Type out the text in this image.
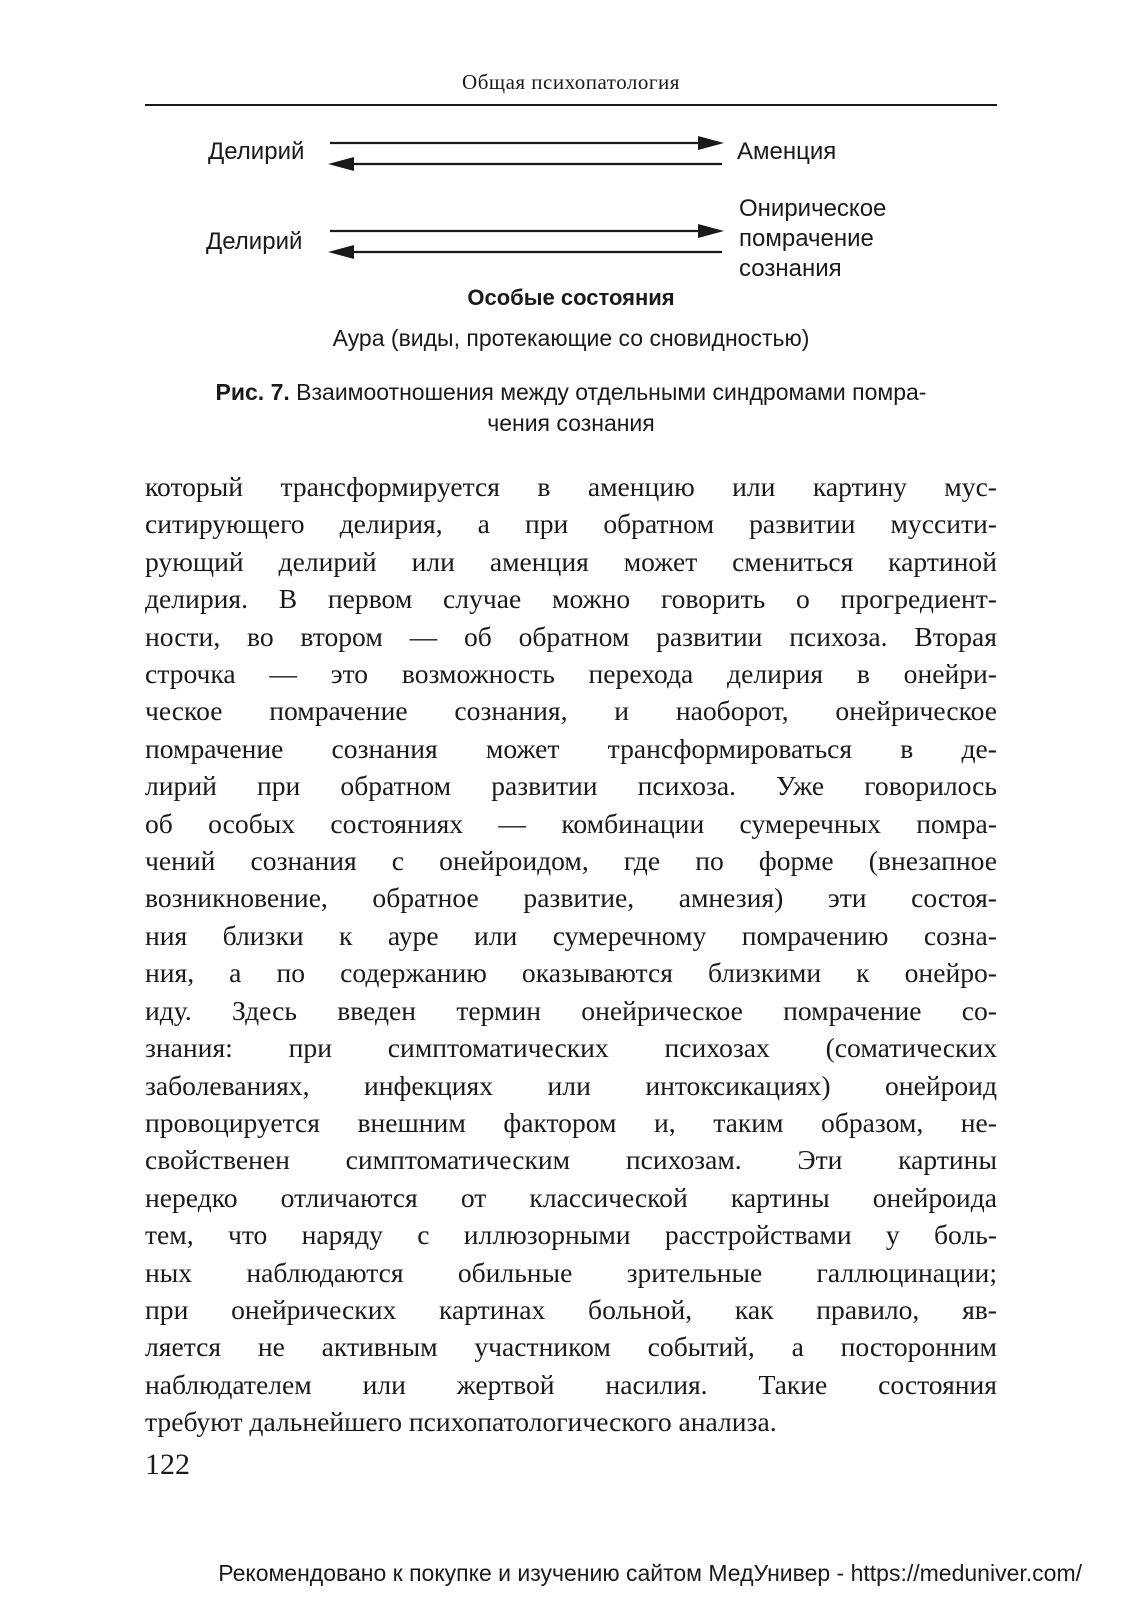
Общая психопатология
Делирий	Аменция
Делирий
Онирическое
помрачение
сознания
Особые состояния
Аура (виды, протекающие со сновидностью)
Рис. 7. Взаимоотношения между отдельными синдромами помра-
чения сознания
который трансформируется в аменцию или картину мус-
ситирующего делирия, а при обратном развитии муссити-
рующий делирий или аменция может смениться картиной
делирия. В первом случае можно говорить о прогредиент-
ности, во втором — об обратном развитии психоза. Вторая
строчка — это возможность перехода делирия в онейри-
ческое помрачение сознания, и наоборот, онейрическое
помрачение сознания может трансформироваться в де-
лирий при обратном развитии психоза. Уже говорилось
об особых состояниях — комбинации сумеречных помра-
чений сознания с онейроидом, где по форме (внезапное
возникновение, обратное развитие, амнезия) эти состоя-
ния близки к ауре или сумеречному помрачению созна-
ния, а по содержанию оказываются близкими к онейро-
иду. Здесь введен термин онейрическое помрачение со-
знания: при симптоматических психозах (соматических
заболеваниях, инфекциях или интоксикациях) онейроид
провоцируется внешним фактором и, таким образом, не-
свойственен симптоматическим психозам. Эти картины
нередко отличаются от классической картины онейроида
тем, что наряду с иллюзорными расстройствами у боль-
ных наблюдаются обильные зрительные галлюцинации;
при онейрических картинах больной, как правило, яв-
ляется не активным участником событий, а посторонним
наблюдателем или жертвой насилия. Такие состояния
требуют дальнейшего психопатологического анализа.
122
Рекомендовано к покупке и изучению сайтом МедУнивер - https://meduniver.com/
